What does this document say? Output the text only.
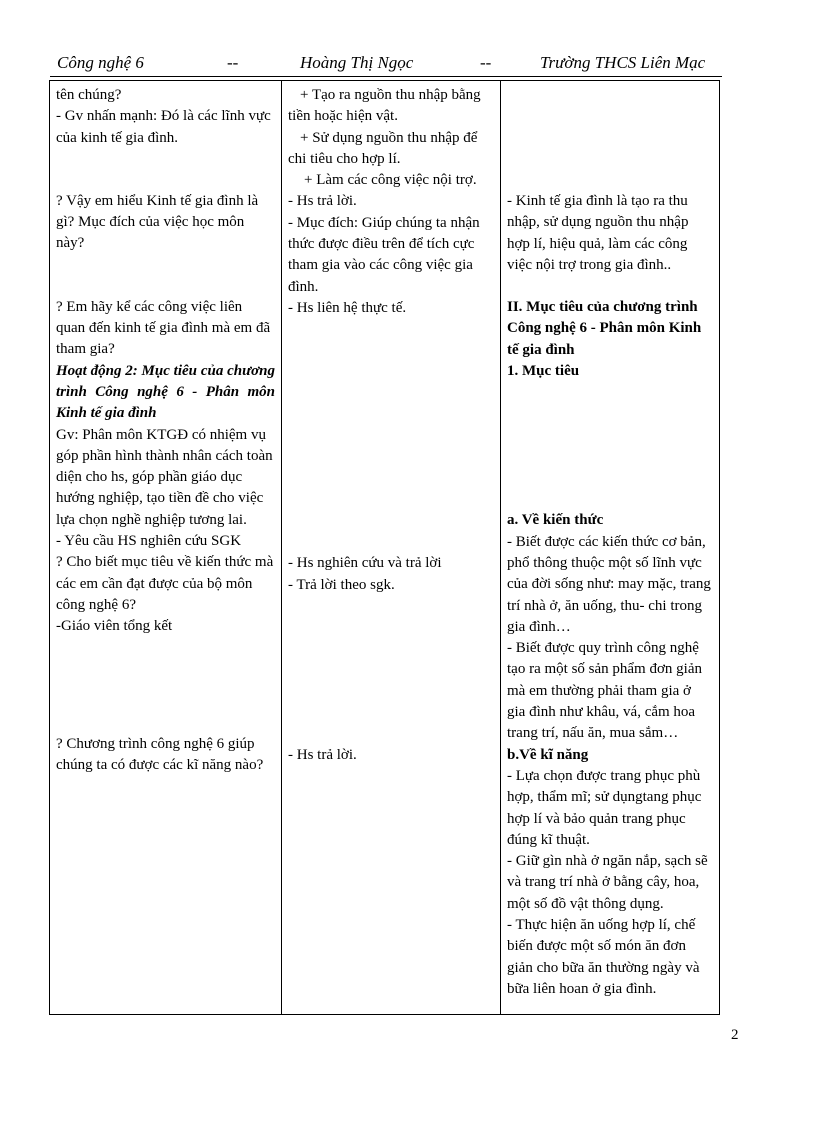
Công nghệ 6	--	Hoàng Thị Ngọc	--	Trường THCS Liên Mạc
tên chúng?
- Gv nhấn mạnh: Đó là các lĩnh vực của kinh tế gia đình.
? Vậy em hiểu Kinh tế gia đình là gì? Mục đích của việc học môn này?
? Em hãy kể các công việc liên quan đến kinh tế gia đình mà em đã tham gia?
Hoạt động 2: Mục tiêu của chương trình Công nghệ 6 - Phân môn Kinh tế gia đình
Gv: Phân môn KTGĐ có nhiệm vụ góp phần hình thành nhân cách toàn diện cho hs, góp phần giáo dục hướng nghiệp, tạo tiền đề cho việc lựa chọn nghề nghiệp tương lai.
- Yêu cầu HS nghiên cứu SGK
? Cho biết mục tiêu về kiến thức mà các em cần đạt được của bộ môn công nghệ 6?
-Giáo viên tổng kết
? Chương trình công nghệ 6 giúp chúng ta có được các kĩ năng nào?

+ Tạo ra nguồn thu nhập bằng tiền hoặc hiện vật.
+ Sử dụng nguồn thu nhập để chi tiêu cho hợp lí.
+ Làm các công việc nội trợ.
- Hs trả lời.
- Mục đích: Giúp chúng ta nhận thức được điều trên để tích cực tham gia vào các công việc gia đình.
- Hs liên hệ thực tế.
- Hs nghiên cứu và trả lời
- Trả lời theo sgk.
- Hs trả lời.

- Kinh tế gia đình là tạo ra thu nhập, sử dụng nguồn thu nhập hợp lí, hiệu quả, làm các công việc nội trợ trong gia đình..
II. Mục tiêu của chương trình Công nghệ 6 - Phân môn Kinh tế gia đình
1. Mục tiêu
a. Về kiến thức
- Biết được các kiến thức cơ bản, phổ thông thuộc một số lĩnh vực của đời sống như: may mặc, trang trí nhà ở, ăn uống, thu- chi trong gia đình…
- Biết được quy trình công nghệ tạo ra một số sản phẩm đơn giản mà em thường phải tham gia ở gia đình như khâu, vá, cắm hoa trang trí, nấu ăn, mua sắm…
b.Về kĩ năng
- Lựa chọn được trang phục phù hợp, thẩm mĩ; sử dụngtang phục hợp lí và bảo quản trang phục đúng kĩ thuật.
- Giữ gìn nhà ở ngăn nắp, sạch sẽ và trang trí nhà ở bằng cây, hoa, một số đồ vật thông dụng.
- Thực hiện ăn uống hợp lí, chế biến được một số món ăn đơn giản cho bữa ăn thường ngày và bữa liên hoan ở gia đình.
2
